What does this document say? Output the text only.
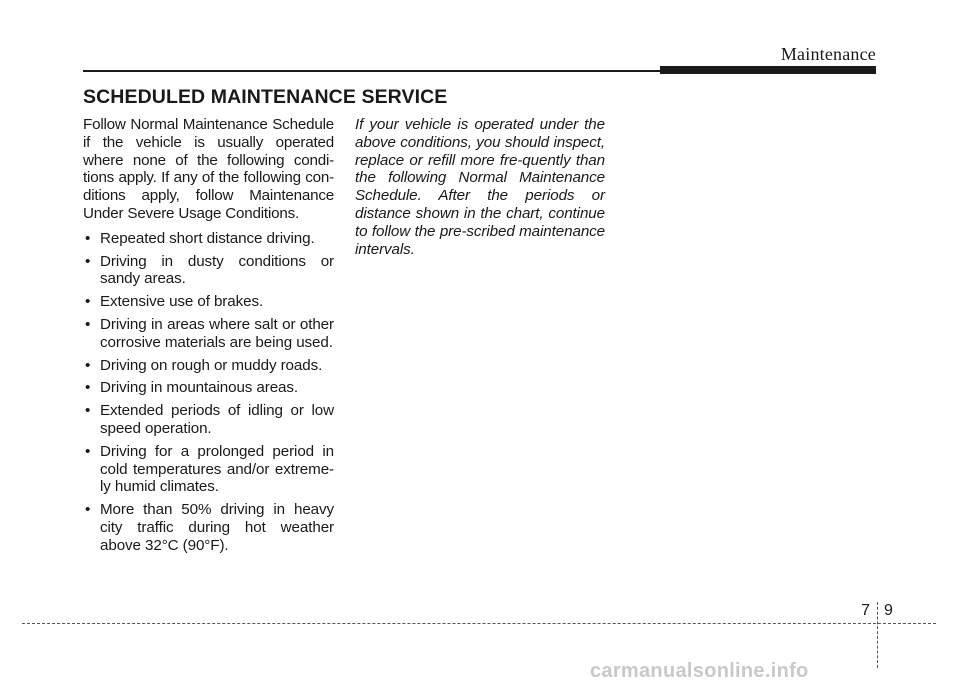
Maintenance
SCHEDULED MAINTENANCE SERVICE

Follow Normal Maintenance Schedule if the vehicle is usually operated where none of the following condi-tions apply. If any of the following con-ditions apply, follow Maintenance Under Severe Usage Conditions.

• Repeated short distance driving.
• Driving in dusty conditions or sandy areas.
• Extensive use of brakes.
• Driving in areas where salt or other corrosive materials are being used.
• Driving on rough or muddy roads.
• Driving in mountainous areas.
• Extended periods of idling or low speed operation.
• Driving for a prolonged period in cold temperatures and/or extreme-ly humid climates.
• More than 50% driving in heavy city traffic during hot weather above 32°C (90°F).

If your vehicle is operated under the above conditions, you should inspect, replace or refill more fre-quently than the following Normal Maintenance Schedule. After the periods or distance shown in the chart, continue to follow the pre-scribed maintenance intervals.

7 9
carmanualsonline.info
